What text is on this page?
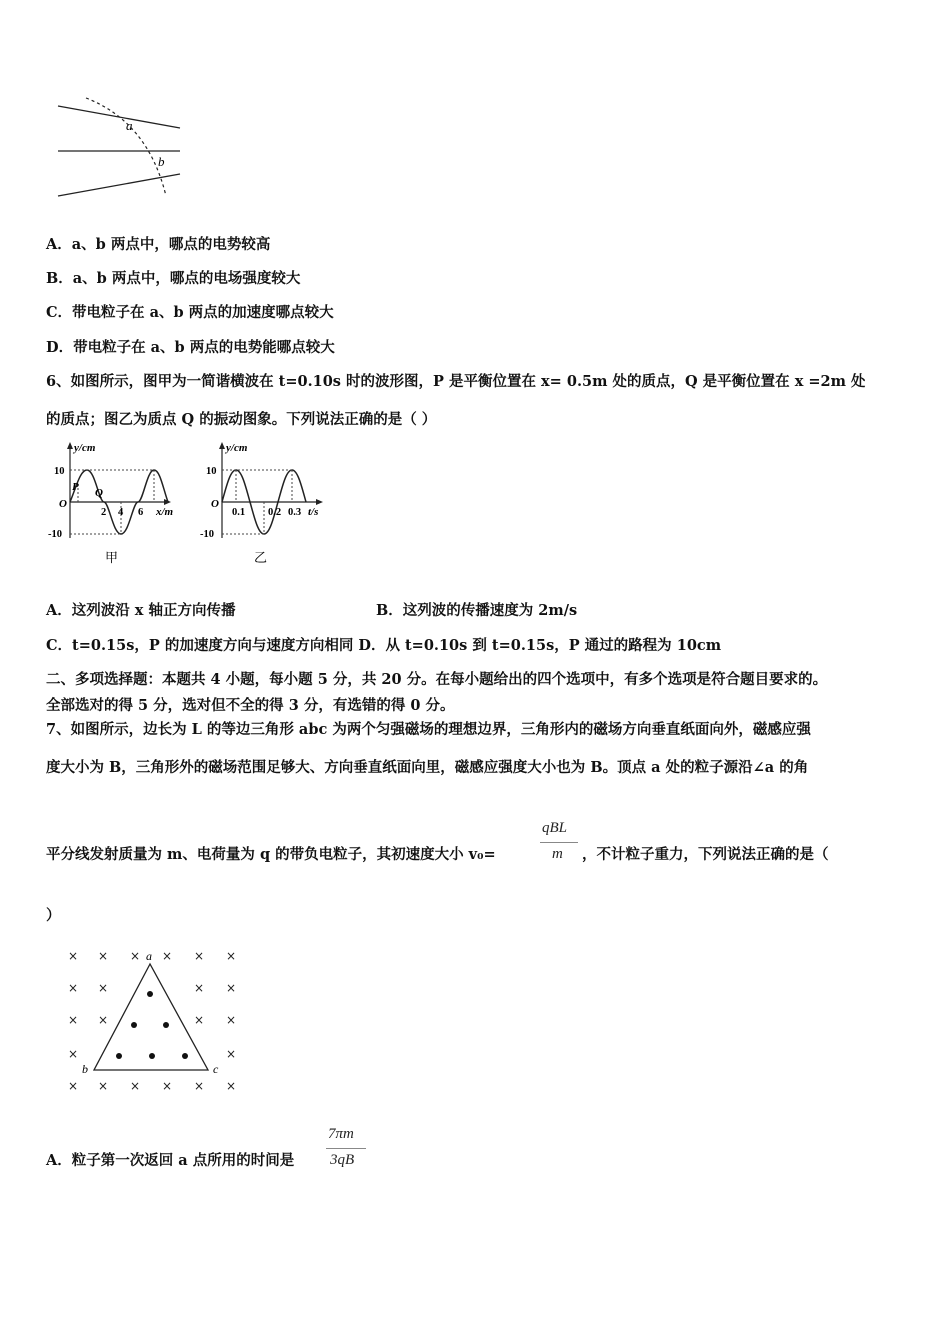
a
b
A．a、b 两点中，哪点的电势较高
B．a、b 两点中，哪点的电场强度较大
C．带电粒子在 a、b 两点的加速度哪点较大
D．带电粒子在 a、b 两点的电势能哪点较大
6、如图所示，图甲为一简谐横波在 t=0.10s 时的波形图，P 是平衡位置在 x= 0.5m 处的质点，Q 是平衡位置在 x =2m 处
的质点；图乙为质点 Q 的振动图象。下列说法正确的是（ ）
y/cm
x/m
O
10
-10
2 4 6
P Q
甲
y/cm
t/s
O
10
-10
0.1 0.2 0.3
乙
A．这列波沿 x 轴正方向传播	B．这列波的传播速度为 2m/s
C．t=0.15s，P 的加速度方向与速度方向相同 D．从 t=0.10s 到 t=0.15s，P 通过的路程为 10cm
二、多项选择题：本题共 4 小题，每小题 5 分，共 20 分。在每小题给出的四个选项中，有多个选项是符合题目要求的。
全部选对的得 5 分，选对但不全的得 3 分，有选错的得 0 分。
7、如图所示，边长为 L 的等边三角形 abc 为两个匀强磁场的理想边界，三角形内的磁场方向垂直纸面向外，磁感应强
度大小为 B，三角形外的磁场范围足够大、方向垂直纸面向里，磁感应强度大小也为 B。顶点 a 处的粒子源沿∠a 的角
平分线发射质量为 m、电荷量为 q 的带负电粒子，其初速度大小 v₀=
qBL
m ，不计粒子重力，下列说法正确的是（
）
× × × × × ×
× ×	× ×
× ×	× ×
×	×
× × × × × ×
a
b	c
A．粒子第一次返回 a 点所用的时间是
7πm
3qB
